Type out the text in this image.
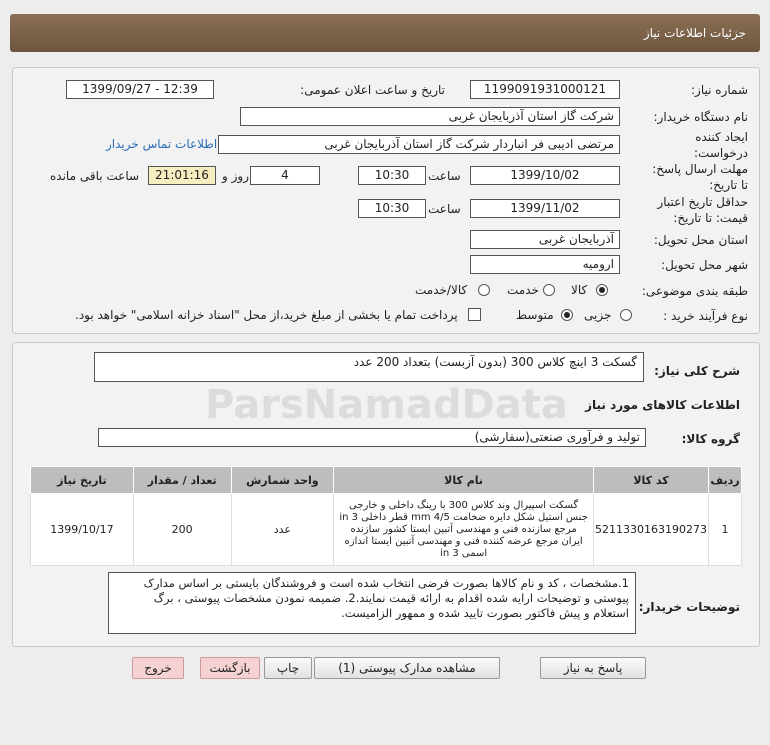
جزئیات اطلاعات نیاز
شماره نیاز:
1199091931000121
تاریخ و ساعت اعلان عمومی:
1399/09/27 - 12:39
نام دستگاه خریدار:
شرکت گاز استان آذربایجان غربی
ایجاد کننده
درخواست:
مرتضی ادیبی فر انباردار شرکت گاز استان آذربایجان غربی
اطلاعات تماس خریدار
مهلت ارسال پاسخ:
تا تاریخ:
1399/10/02
ساعت
10:30
4
روز و
21:01:16
ساعت باقی مانده
حداقل تاریخ اعتبار
قیمت: تا تاریخ:
1399/11/02
ساعت
10:30
استان محل تحویل:
آذربایجان غربی
شهر محل تحویل:
ارومیه
طبقه بندی موضوعی:
کالا
خدمت
کالا/خدمت
نوع فرآیند خرید :
جزیی
متوسط
پرداخت تمام یا بخشی از مبلغ خرید،از محل "اسناد خزانه اسلامی" خواهد بود.
شرح کلی نیاز:
گسکت 3 اینچ کلاس 300 (بدون آزبست) بتعداد 200 عدد
اطلاعات کالاهای مورد نیاز
گروه کالا:
تولید و فرآوری صنعتی(سفارشی)
ردیف	کد کالا	نام کالا	واحد شمارش	تعداد / مقدار	تاریخ نیاز
1	5211330163190273	گسکت اسپیرال وند کلاس 300 با رینگ داخلی و خارجی
جنس استیل شکل دایره ضخامت mm 4/5 قطر داخلی in 3
مرجع سازنده فنی و مهندسی آتبین ایستا کشور سازنده
ایران مرجع عرضه کننده فنی و مهندسی آتبین ایستا اندازه
اسمی in 3	عدد	200	1399/10/17
توضیحات خریدار:
1.مشخصات ، کد و نام کالاها بصورت فرضی انتخاب شده است و فروشندگان بایستی بر اساس مدارک
پیوستی و توضیحات ارایه شده اقدام به ارائه قیمت نمایند.2. ضمیمه نمودن مشخصات پیوستی ، برگ
استعلام و پیش فاکتور بصورت تایید شده و ممهور الزامیست.
پاسخ به نیاز
مشاهده مدارک پیوستی (1)
چاپ
بازگشت
خروج
